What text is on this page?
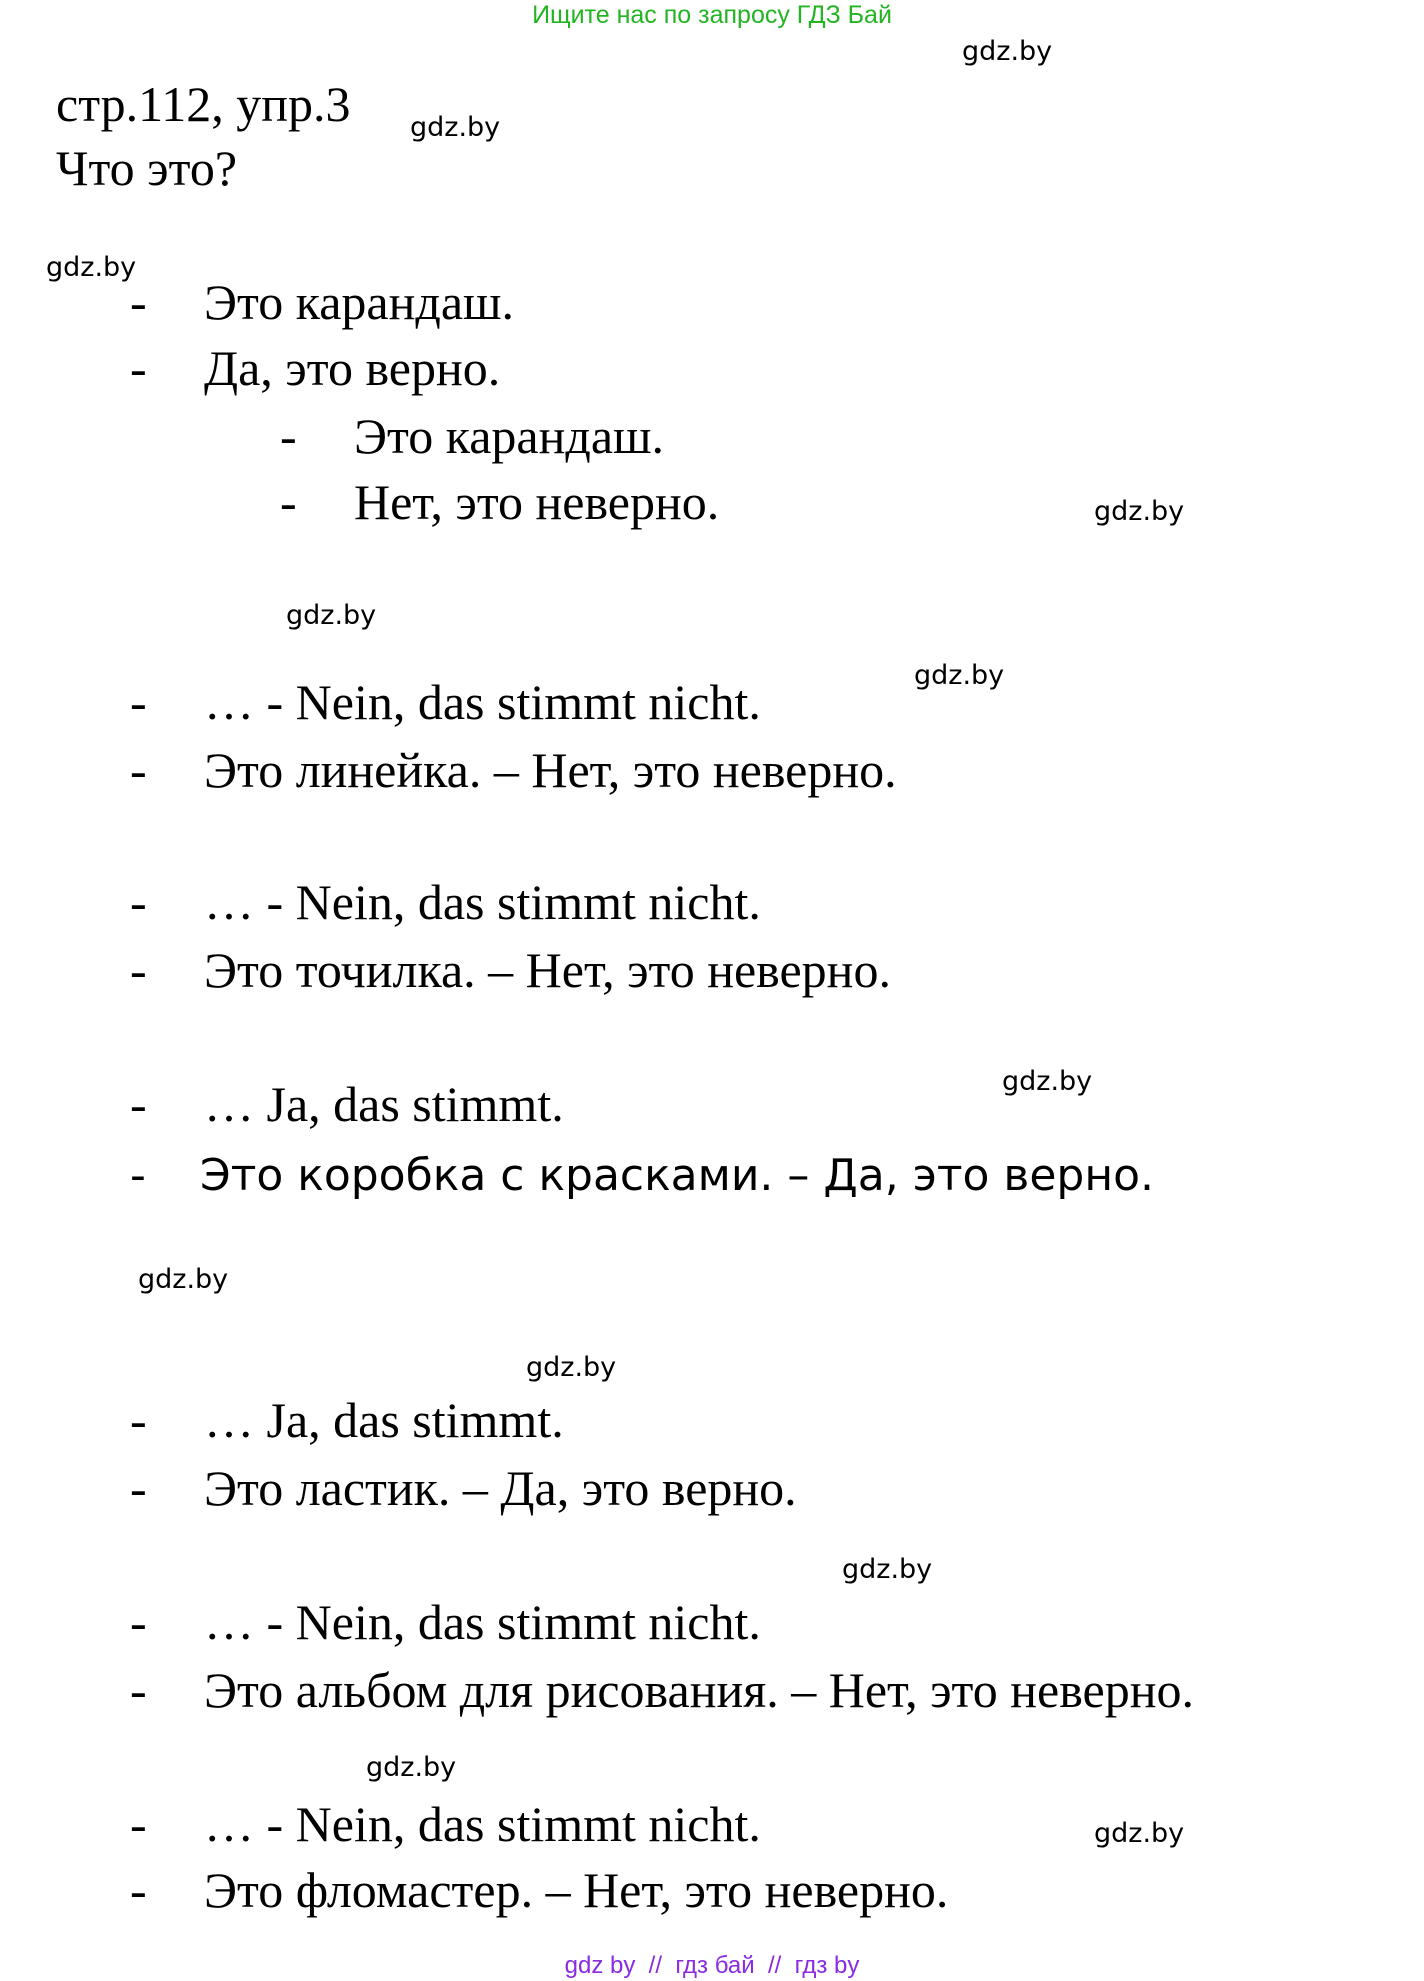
Ищите нас по запросу ГДЗ Бай
стр.112, упр.3
Что это?
gdz.by
gdz.by
gdz.by
gdz.by
gdz.by
gdz.by
gdz.by
gdz.by
gdz.by
gdz.by
gdz.by
gdz.by
- Это карандаш.
- Да, это верно.
- Это карандаш.
- Нет, это неверно.
- … - Nein, das stimmt nicht.
- Это линейка. – Нет, это неверно.
- … - Nein, das stimmt nicht.
- Это точилка. – Нет, это неверно.
- … Ja, das stimmt.
- Это коробка с красками. – Да, это верно.
- … Ja, das stimmt.
- Это ластик. – Да, это верно.
- … - Nein, das stimmt nicht.
- Это альбом для рисования. – Нет, это неверно.
- … - Nein, das stimmt nicht.
- Это фломастер. – Нет, это неверно.
gdz by  //  гдз бай  //  гдз by
